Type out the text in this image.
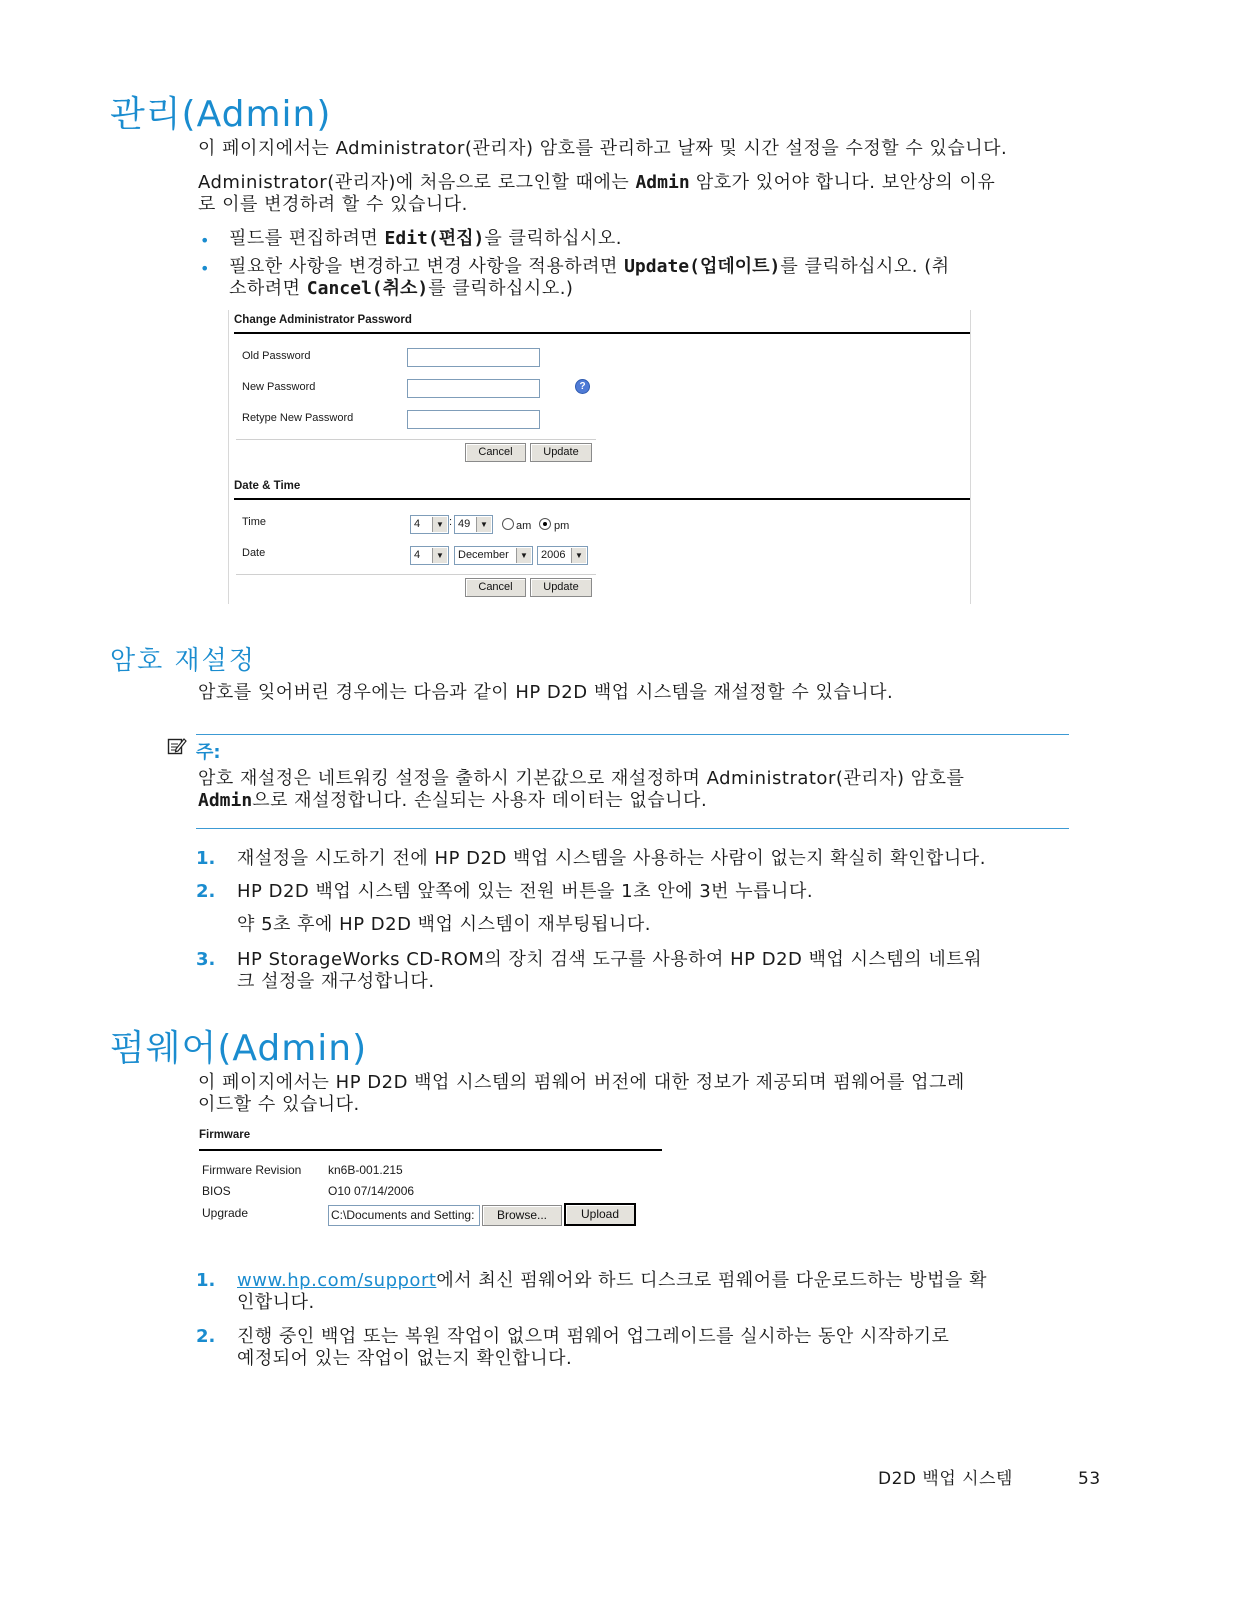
관리(Admin)
이 페이지에서는 Administrator(관리자) 암호를 관리하고 날짜 및 시간 설정을 수정할 수 있습니다.
Administrator(관리자)에 처음으로 로그인할 때에는 Admin 암호가 있어야 합니다. 보안상의 이유
로 이를 변경하려 할 수 있습니다.
• 필드를 편집하려면 Edit(편집)을 클릭하십시오.
• 필요한 사항을 변경하고 변경 사항을 적용하려면 Update(업데이트)를 클릭하십시오. (취
소하려면 Cancel(취소)를 클릭하십시오.)
Change Administrator Password
Old Password
New Password	?
Retype New Password
Cancel	Update
Date & Time
Time	4	▼ : 49	▼	am pm
Date	4	▼ December	▼ 2006	▼
Cancel	Update
암호 재설정
암호를 잊어버린 경우에는 다음과 같이 HP D2D 백업 시스템을 재설정할 수 있습니다.
주:
암호 재설정은 네트워킹 설정을 출하시 기본값으로 재설정하며 Administrator(관리자) 암호를
Admin으로 재설정합니다. 손실되는 사용자 데이터는 없습니다.
1. 재설정을 시도하기 전에 HP D2D 백업 시스템을 사용하는 사람이 없는지 확실히 확인합니다.
2. HP D2D 백업 시스템 앞쪽에 있는 전원 버튼을 1초 안에 3번 누릅니다.
약 5초 후에 HP D2D 백업 시스템이 재부팅됩니다.
3. HP StorageWorks CD-ROM의 장치 검색 도구를 사용하여 HP D2D 백업 시스템의 네트워
크 설정을 재구성합니다.
펌웨어(Admin)
이 페이지에서는 HP D2D 백업 시스템의 펌웨어 버전에 대한 정보가 제공되며 펌웨어를 업그레
이드할 수 있습니다.
Firmware
Firmware Revision kn6B-001.215
BIOS	O10 07/14/2006
Upgrade	C:\Documents and Setting:	Browse...	Upload
1. www.hp.com/support에서 최신 펌웨어와 하드 디스크로 펌웨어를 다운로드하는 방법을 확
인합니다.
2. 진행 중인 백업 또는 복원 작업이 없으며 펌웨어 업그레이드를 실시하는 동안 시작하기로
예정되어 있는 작업이 없는지 확인합니다.
D2D 백업 시스템	53
